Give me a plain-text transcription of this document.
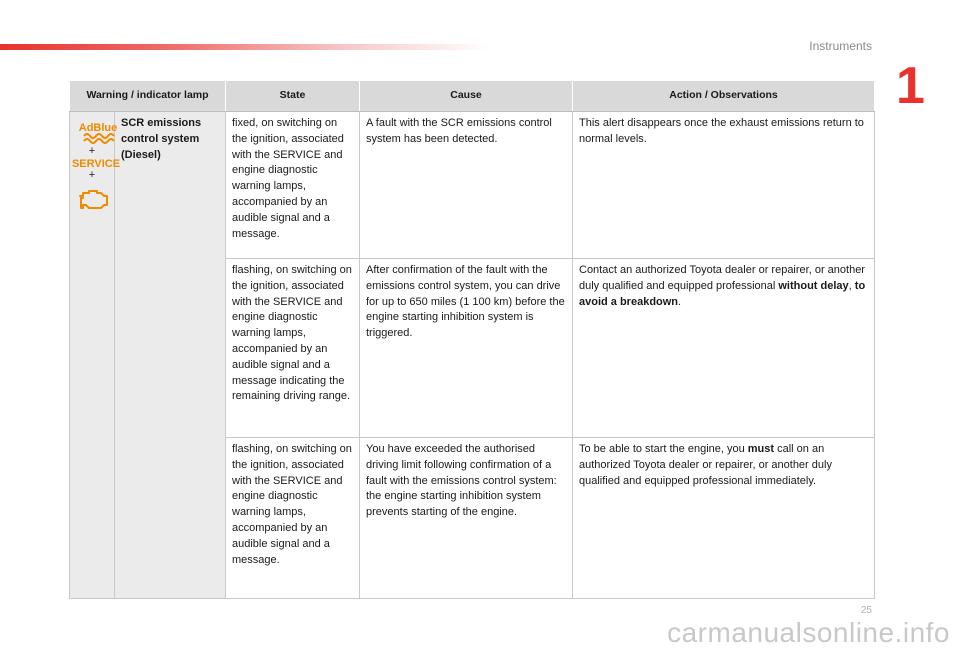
Instruments
1
Warning / indicator lamp		State	Cause	Action / Observations

AdBlue
+
SERVICE
+	SCR emissions control system (Diesel)	fixed, on switching on the ignition, associated with the SERVICE and engine diagnostic warning lamps, accompanied by an audible signal and a message.	A fault with the SCR emissions control system has been detected.	This alert disappears once the exhaust emissions return to normal levels.
		flashing, on switching on the ignition, associated with the SERVICE and engine diagnostic warning lamps, accompanied by an audible signal and a message indicating the remaining driving range.	After confirmation of the fault with the emissions control system, you can drive for up to 650 miles (1 100 km) before the engine starting inhibition system is triggered.	Contact an authorized Toyota dealer or repairer, or another duly qualified and equipped professional without delay, to avoid a breakdown.
		flashing, on switching on the ignition, associated with the SERVICE and engine diagnostic warning lamps, accompanied by an audible signal and a message.	You have exceeded the authorised driving limit following confirmation of a fault with the emissions control system: the engine starting inhibition system prevents starting of the engine.	To be able to start the engine, you must call on an authorized Toyota dealer or repairer, or another duly qualified and equipped professional immediately.
25
carmanualsonline.info
